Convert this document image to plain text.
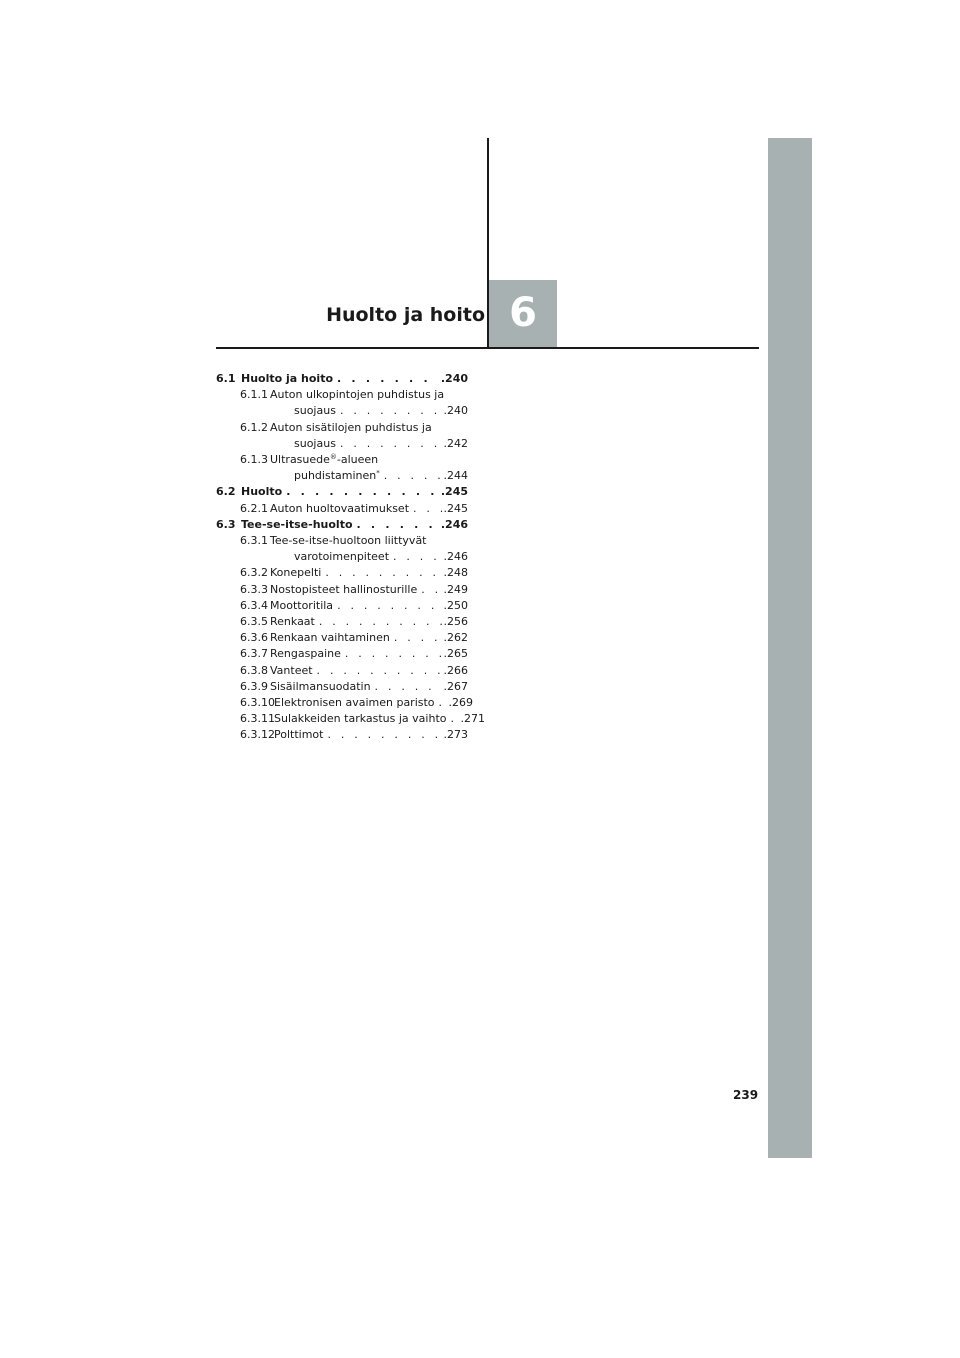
Huolto ja hoito 6
6.1 Huolto ja hoito . . .	.240
6.1.1 Auton ulkopintojen puhdistus ja
suojaus . . .	.240
6.1.2 Auton sisätilojen puhdistus ja
suojaus . . .	.242
6.1.3 Ultrasuede®-alueen
puhdistaminen* . . .	.244
6.2 Huolto . . .	.245
6.2.1 Auton huoltovaatimukset . . .	.245
6.3 Tee-se-itse-huolto . . .	.246
6.3.1 Tee-se-itse-huoltoon liittyvät
varotoimenpiteet . . .	.246
6.3.2 Konepelti . . .	.248
6.3.3 Nostopisteet hallinosturille . . . .249
6.3.4 Moottoritila . . .	.250
6.3.5 Renkaat . . .	.256
6.3.6 Renkaan vaihtaminen . . .	.262
6.3.7 Rengaspaine . . .	.265
6.3.8 Vanteet . . .	.266
6.3.9 Sisäilmansuodatin . . .	.267
6.3.10 Elektronisen avaimen paristo . . . .269
6.3.11 Sulakkeiden tarkastus ja vaihto . . . .271
6.3.12 Polttimot . . .	.273
239
